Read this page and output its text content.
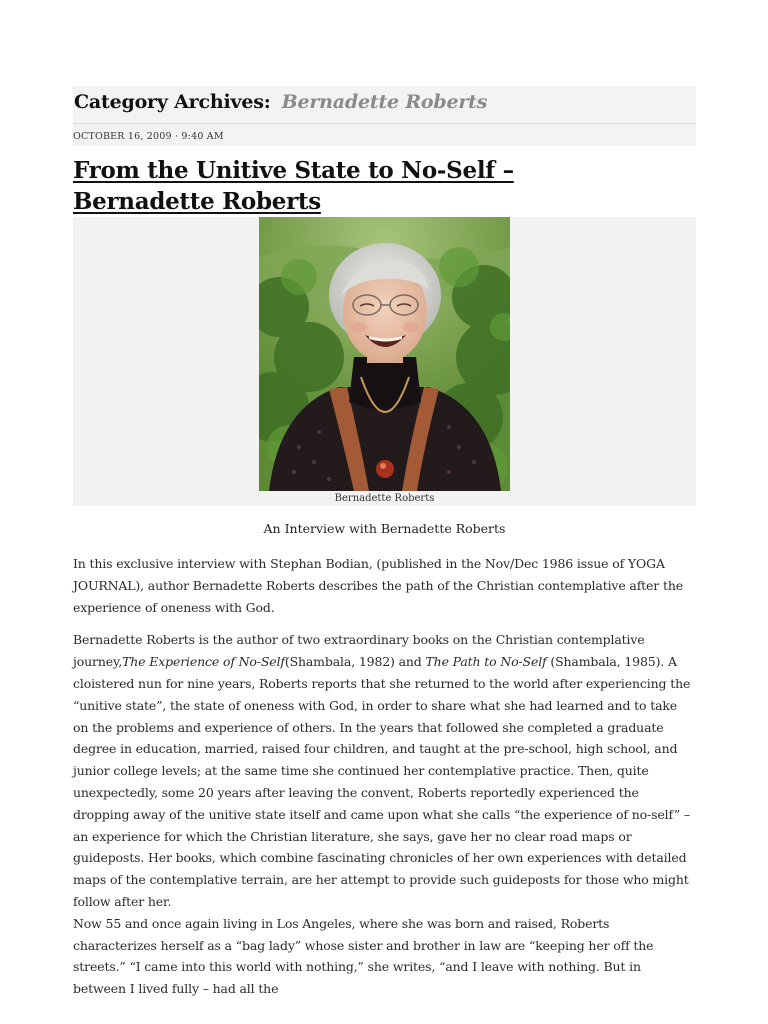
Category Archives: Bernadette Roberts
OCTOBER 16, 2009 · 9:40 AM
From the Unitive State to No-Self –
Bernadette Roberts
Bernadette Roberts
An Interview with Bernadette Roberts

In this exclusive interview with Stephan Bodian, (published in the Nov/Dec 1986 issue of YOGA JOURNAL), author Bernadette Roberts describes the path of the Christian contemplative after the experience of oneness with God.

Bernadette Roberts is the author of two extraordinary books on the Christian contemplative journey,The Experience of No-Self(Shambala, 1982) and The Path to No-Self (Shambala, 1985). A cloistered nun for nine years, Roberts reports that she returned to the world after experiencing the “unitive state”, the state of oneness with God, in order to share what she had learned and to take on the problems and experience of others. In the years that followed she completed a graduate degree in education, married, raised four children, and taught at the pre-school, high school, and junior college levels; at the same time she continued her contemplative practice. Then, quite unexpectedly, some 20 years after leaving the convent, Roberts reportedly experienced the dropping away of the unitive state itself and came upon what she calls “the experience of no-self” – an experience for which the Christian literature, she says, gave her no clear road maps or guideposts. Her books, which combine fascinating chronicles of her own experiences with detailed maps of the contemplative terrain, are her attempt to provide such guideposts for those who might follow after her.

Now 55 and once again living in Los Angeles, where she was born and raised, Roberts characterizes herself as a “bag lady” whose sister and brother in law are “keeping her off the streets.” “I came into this world with nothing,” she writes, “and I leave with nothing. But in between I lived fully – had all the
